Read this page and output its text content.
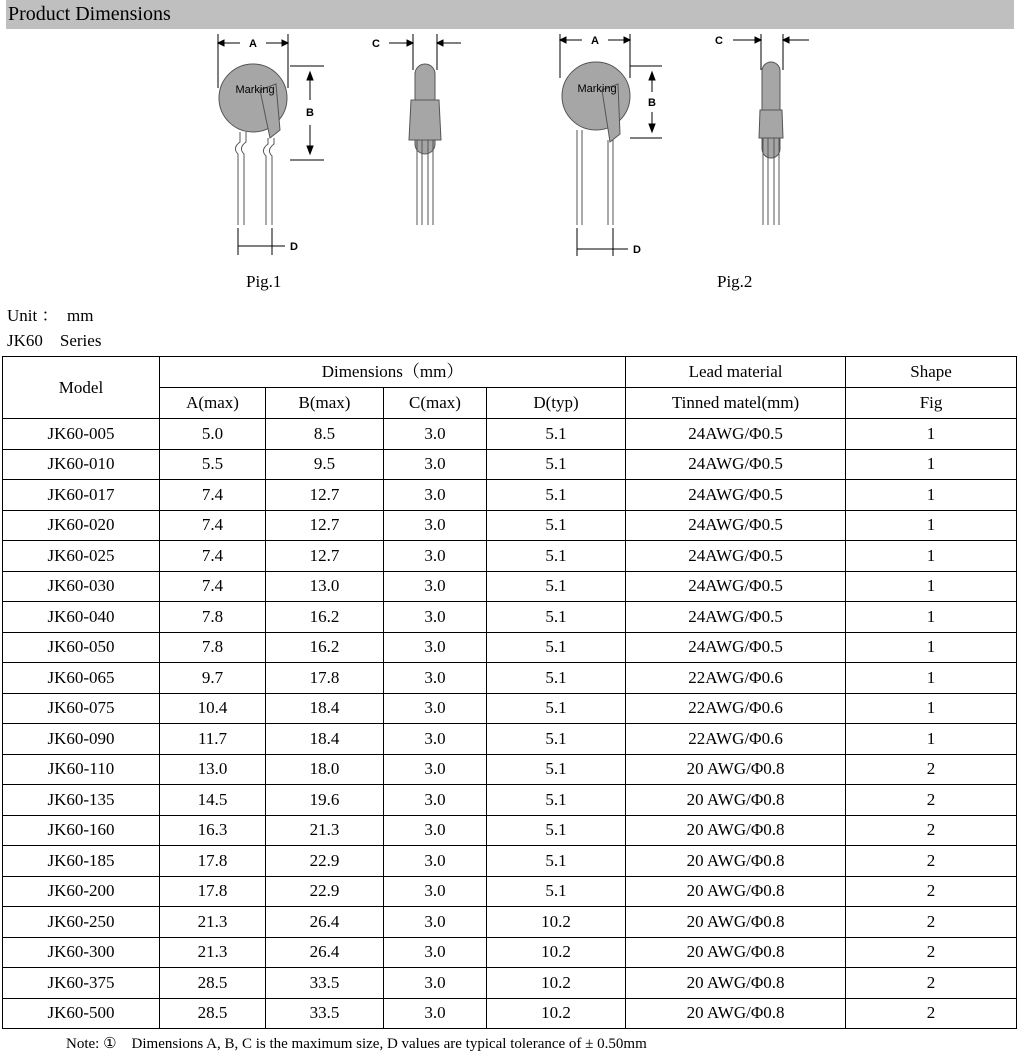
Product Dimensions
A
Marking
B
D
C
Pig.1
A
Marking
B
D
C
Pig.2
Unit ：  mm
JK60    Series
Model	Dimensions（mm）				Lead material	Shape
	A(max)	B(max)	C(max)	D(typ)	Tinned matel(mm)	Fig
JK60-005	5.0	8.5	3.0	5.1	24AWG/Φ0.5	1
JK60-010	5.5	9.5	3.0	5.1	24AWG/Φ0.5	1
JK60-017	7.4	12.7	3.0	5.1	24AWG/Φ0.5	1
JK60-020	7.4	12.7	3.0	5.1	24AWG/Φ0.5	1
JK60-025	7.4	12.7	3.0	5.1	24AWG/Φ0.5	1
JK60-030	7.4	13.0	3.0	5.1	24AWG/Φ0.5	1
JK60-040	7.8	16.2	3.0	5.1	24AWG/Φ0.5	1
JK60-050	7.8	16.2	3.0	5.1	24AWG/Φ0.5	1
JK60-065	9.7	17.8	3.0	5.1	22AWG/Φ0.6	1
JK60-075	10.4	18.4	3.0	5.1	22AWG/Φ0.6	1
JK60-090	11.7	18.4	3.0	5.1	22AWG/Φ0.6	1
JK60-110	13.0	18.0	3.0	5.1	20 AWG/Φ0.8	2
JK60-135	14.5	19.6	3.0	5.1	20 AWG/Φ0.8	2
JK60-160	16.3	21.3	3.0	5.1	20 AWG/Φ0.8	2
JK60-185	17.8	22.9	3.0	5.1	20 AWG/Φ0.8	2
JK60-200	17.8	22.9	3.0	5.1	20 AWG/Φ0.8	2
JK60-250	21.3	26.4	3.0	10.2	20 AWG/Φ0.8	2
JK60-300	21.3	26.4	3.0	10.2	20 AWG/Φ0.8	2
JK60-375	28.5	33.5	3.0	10.2	20 AWG/Φ0.8	2
JK60-500	28.5	33.5	3.0	10.2	20 AWG/Φ0.8	2
Note: ① Dimensions A, B, C is the maximum size, D values are typical tolerance of ± 0.50mm
